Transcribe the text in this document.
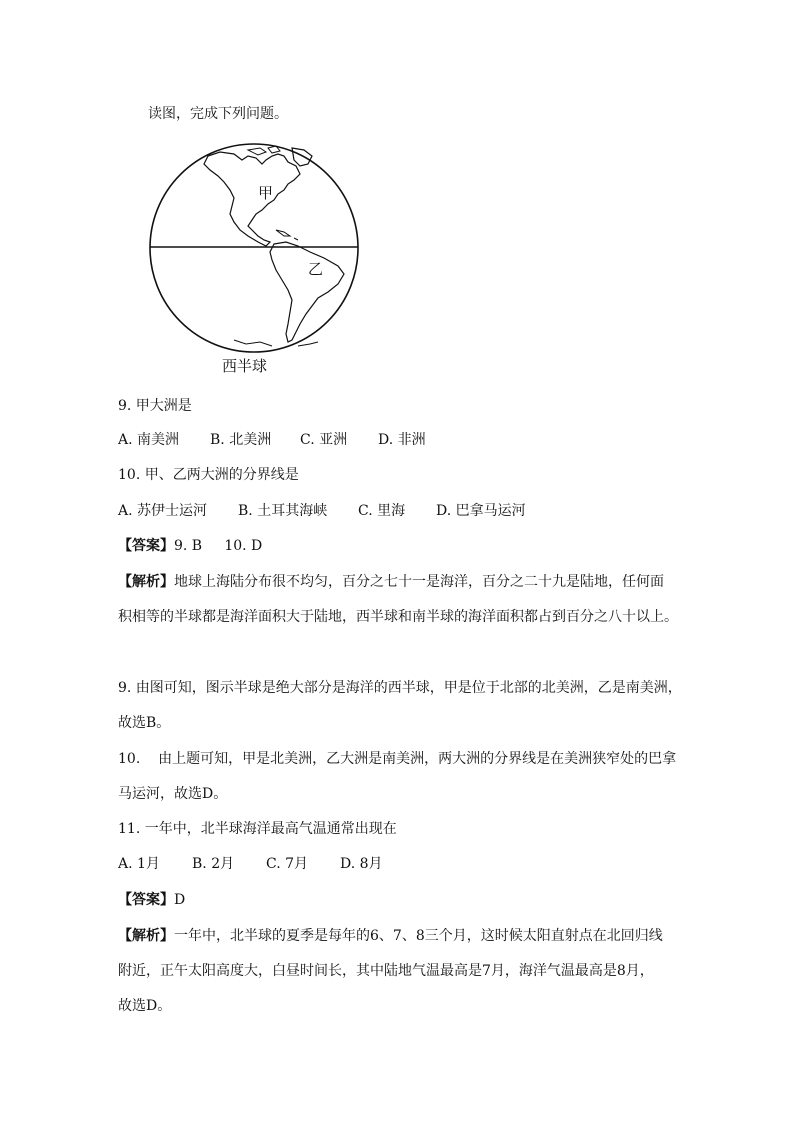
读图，完成下列问题。
甲
乙
西半球
9. 甲大洲是
A. 南美洲 B. 北美洲 C. 亚洲 D. 非洲
10. 甲、乙两大洲的分界线是
A. 苏伊士运河 B. 土耳其海峡 C. 里海 D. 巴拿马运河
【答案】9. B     10. D
【解析】地球上海陆分布很不均匀，百分之七十一是海洋，百分之二十九是陆地，任何面
积相等的半球都是海洋面积大于陆地，西半球和南半球的海洋面积都占到百分之八十以上。
9. 由图可知，图示半球是绝大部分是海洋的西半球，甲是位于北部的北美洲，乙是南美洲，
故选B。
10.    由上题可知，甲是北美洲，乙大洲是南美洲，两大洲的分界线是在美洲狭窄处的巴拿
马运河，故选D。
11. 一年中，北半球海洋最高气温通常出现在
A. 1月 B. 2月 C. 7月 D. 8月
【答案】D
【解析】一年中，北半球的夏季是每年的6、7、8三个月，这时候太阳直射点在北回归线
附近，正午太阳高度大，白昼时间长，其中陆地气温最高是7月，海洋气温最高是8月，
故选D。
